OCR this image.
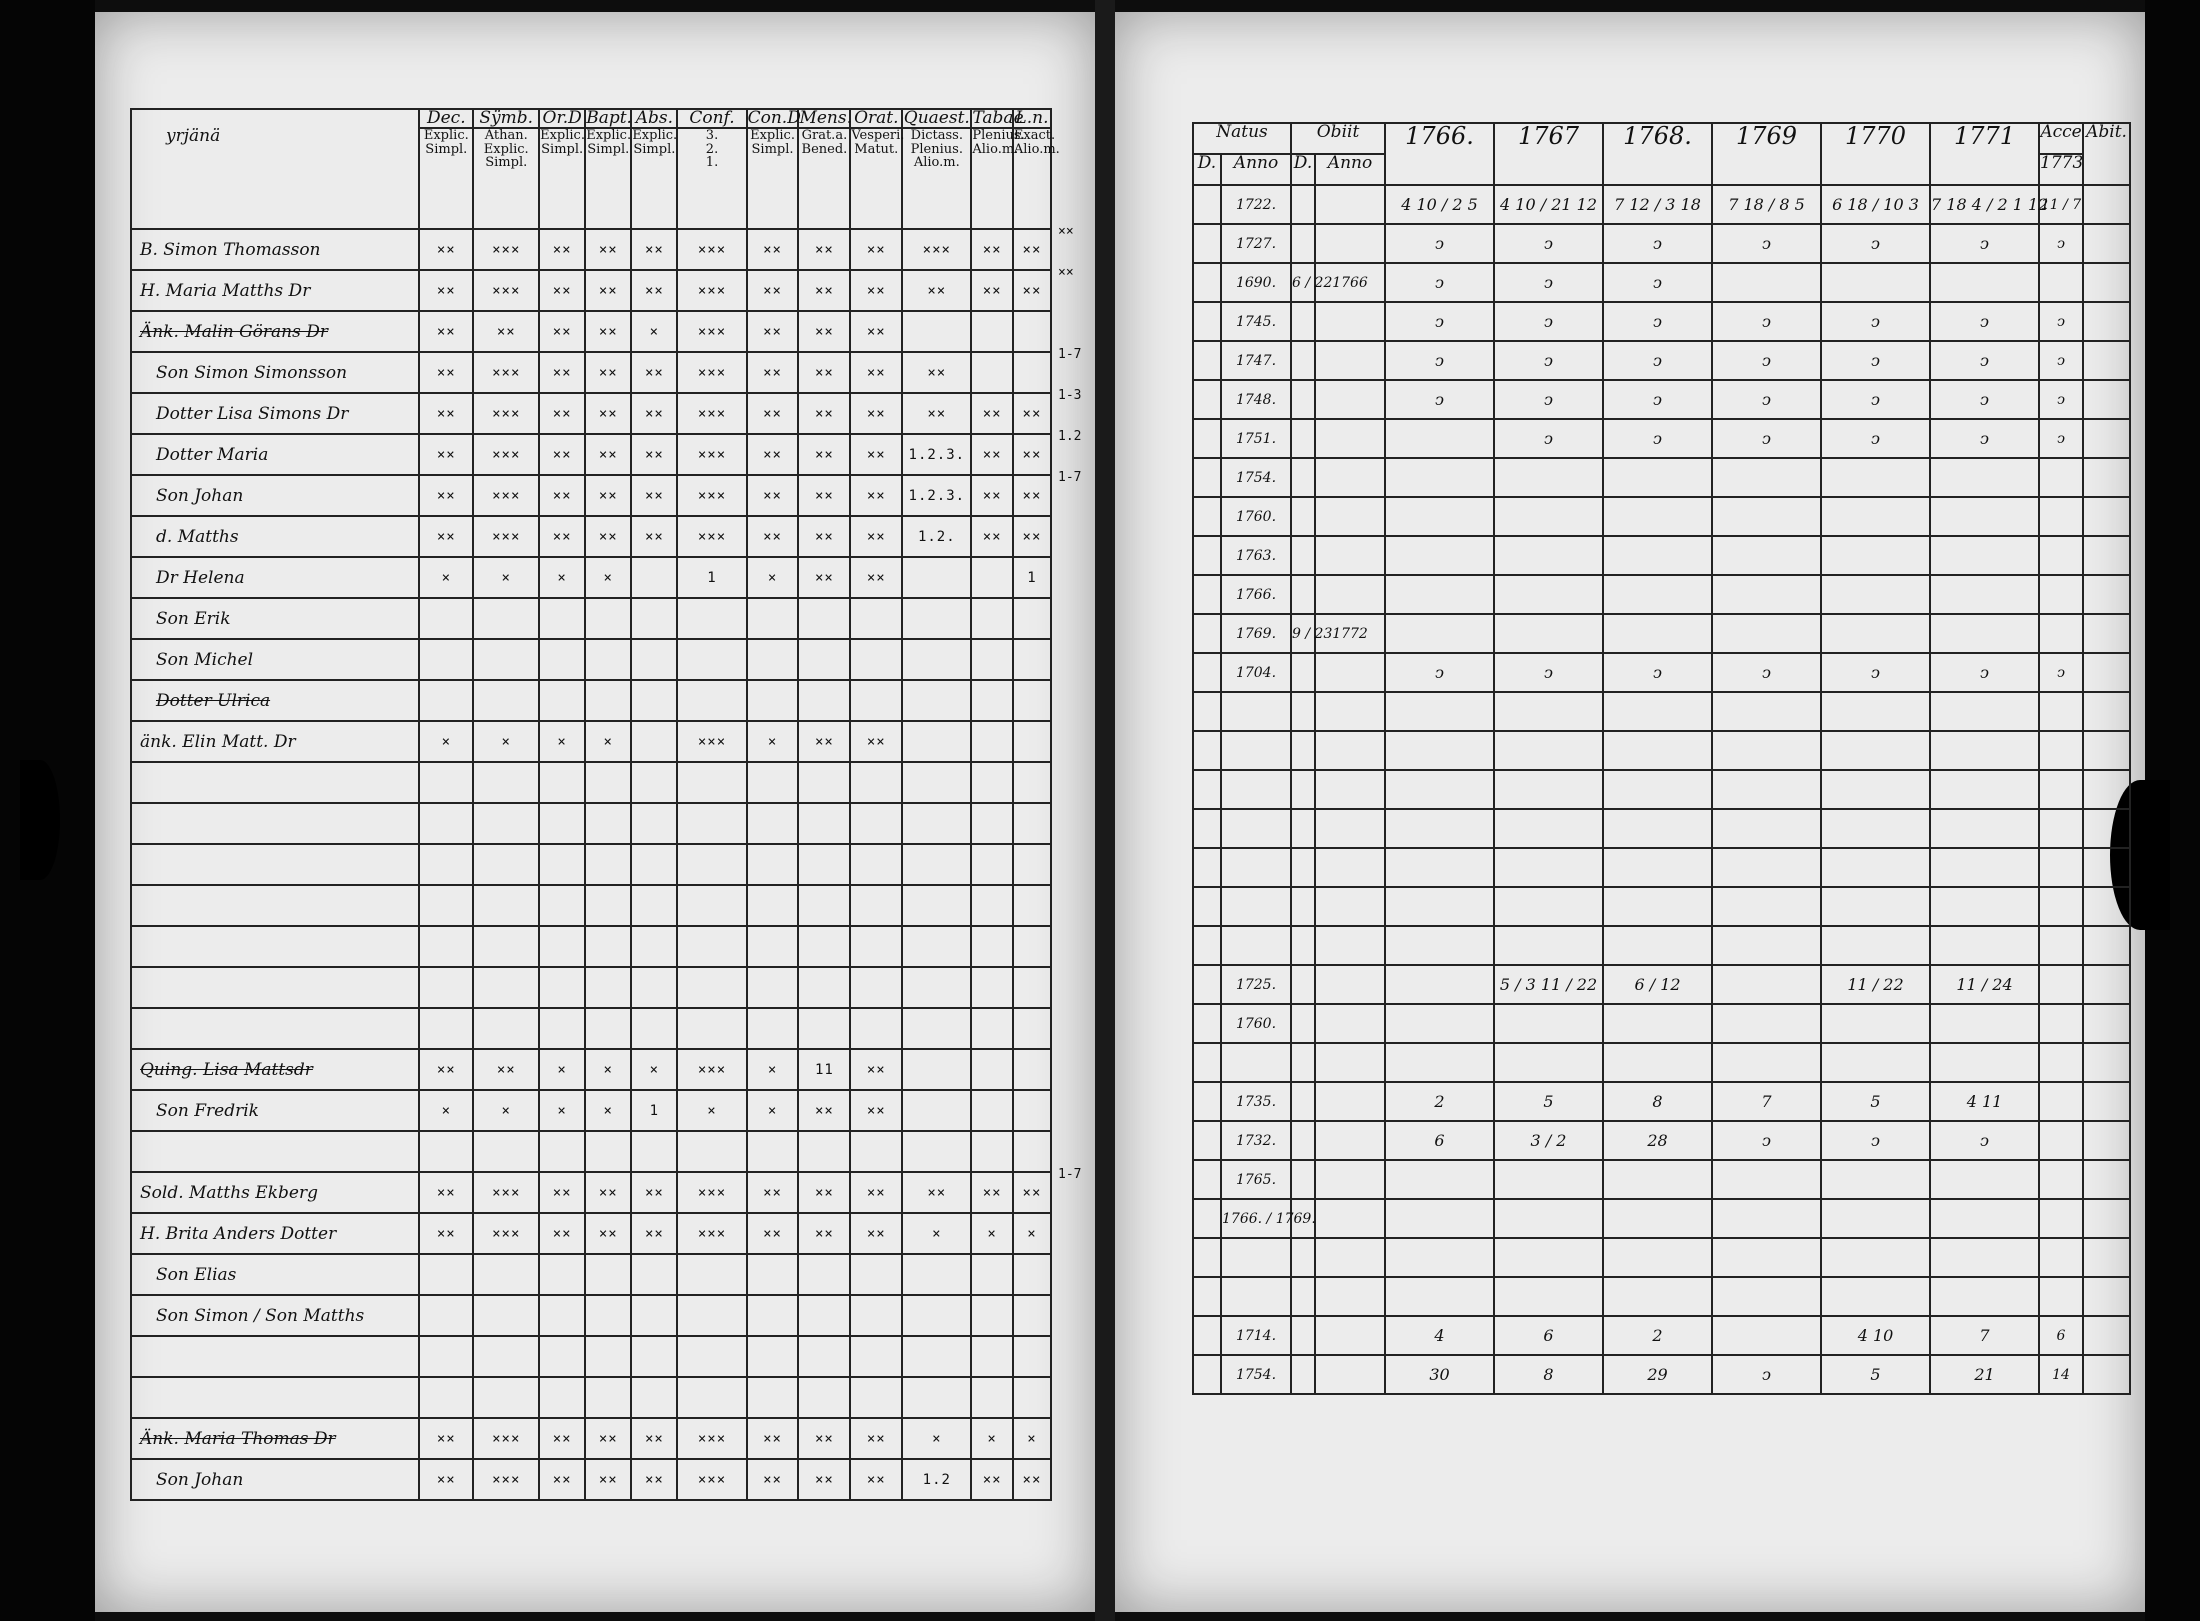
yrjänä	Dec.
Explic.
Simpl.	Sÿmb.
Athan.
Explic.
Simpl.	Or.D
Explic.
Simpl.	Bapt.
Explic.
Simpl.	Abs.
Explic.
Simpl.	Conf.
3.
2.
1.	Con.D
Explic.
Simpl.	Mens.
Grat.a.
Bened.	Orat.
Vesperi.
Matut.	Quaest.
Dictass.
Plenius.
Alio.m.	Tabae
Plenius.
Alio.m.	L.n.
Exact.
Alio.m.

B. Simon Thomasson	××	×××	××	××	××	×××	××	××	××	×××	××	××
H. Maria Matths Dr	××	×××	××	××	××	×××	××	××	××	××	××	××
Änk. Malin Görans Dr	××	××	××	××	×	×××	××	××	××			
Son Simon Simonsson	××	×××	××	××	××	×××	××	××	××	××		
Dotter Lisa Simons Dr	××	×××	××	××	××	×××	××	××	××	××	××	××
Dotter Maria	××	×××	××	××	××	×××	××	××	××	1.2.3.	××	××
Son Johan	××	×××	××	××	××	×××	××	××	××	1.2.3.	××	××
d. Matths	××	×××	××	××	××	×××	××	××	××	1.2.	××	××
Dr Helena	×	×	×	×		1	×	××	××			1
Son Erik												
Son Michel												
Dotter Ulrica												
änk. Elin Matt. Dr	×	×	×	×		×××	×	××	××			

Quing. Lisa Mattsdr	××	××	×	×	×	×××	×	11	××			
Son Fredrik	×	×	×	×	1	×	×	××	××			

Sold. Matths Ekberg	××	×××	××	××	××	×××	××	××	××	××	××	××
H. Brita Anders Dotter	××	×××	××	××	××	×××	××	××	××	×	×	×
Son Elias												
Son Simon / Son Matths												

Änk. Maria Thomas Dr	××	×××	××	××	××	×××	××	××	××	×	×	×
Son Johan	××	×××	××	××	××	×××	××	××	××	1.2	××	××
Natus		Obiit		1766.	1767	1768.	1769	1770	1771	Acce	Abit.
D.	Anno	D.	Anno							1773	
	1722.			4 10 / 2 5	4 10 / 21 12	7 12 / 3 18	7 18 / 8 5	6 18 / 10 3	7 18 4 / 2 1 12	11 / 7	
	1727.			ↄ	ↄ	ↄ	ↄ	ↄ	ↄ	ↄ	
	1690.	6 / 22	1766	ↄ	ↄ	ↄ					
	1745.			ↄ	ↄ	ↄ	ↄ	ↄ	ↄ	ↄ	
	1747.			ↄ	ↄ	ↄ	ↄ	ↄ	ↄ	ↄ	
	1748.			ↄ	ↄ	ↄ	ↄ	ↄ	ↄ	ↄ	
	1751.				ↄ	ↄ	ↄ	ↄ	ↄ	ↄ	
	1754.										
	1760.										
	1763.										
	1766.										
	1769.	9 / 23	1772								
	1704.			ↄ	ↄ	ↄ	ↄ	ↄ	ↄ	ↄ	

	1725.				5 / 3 11 / 22	6 / 12		11 / 22	11 / 24		
	1760.										

	1735.			2	5	8	7	5	4 11		
	1732.			6	3 / 2	28	ↄ	ↄ	ↄ		
	1765.										
	1766. / 1769.										

	1714.			4	6	2		4 10	7	6	
	1754.			30	8	29	ↄ	5	21	14	
××
××
1-7
1-3
1.2
1-7
1-7
